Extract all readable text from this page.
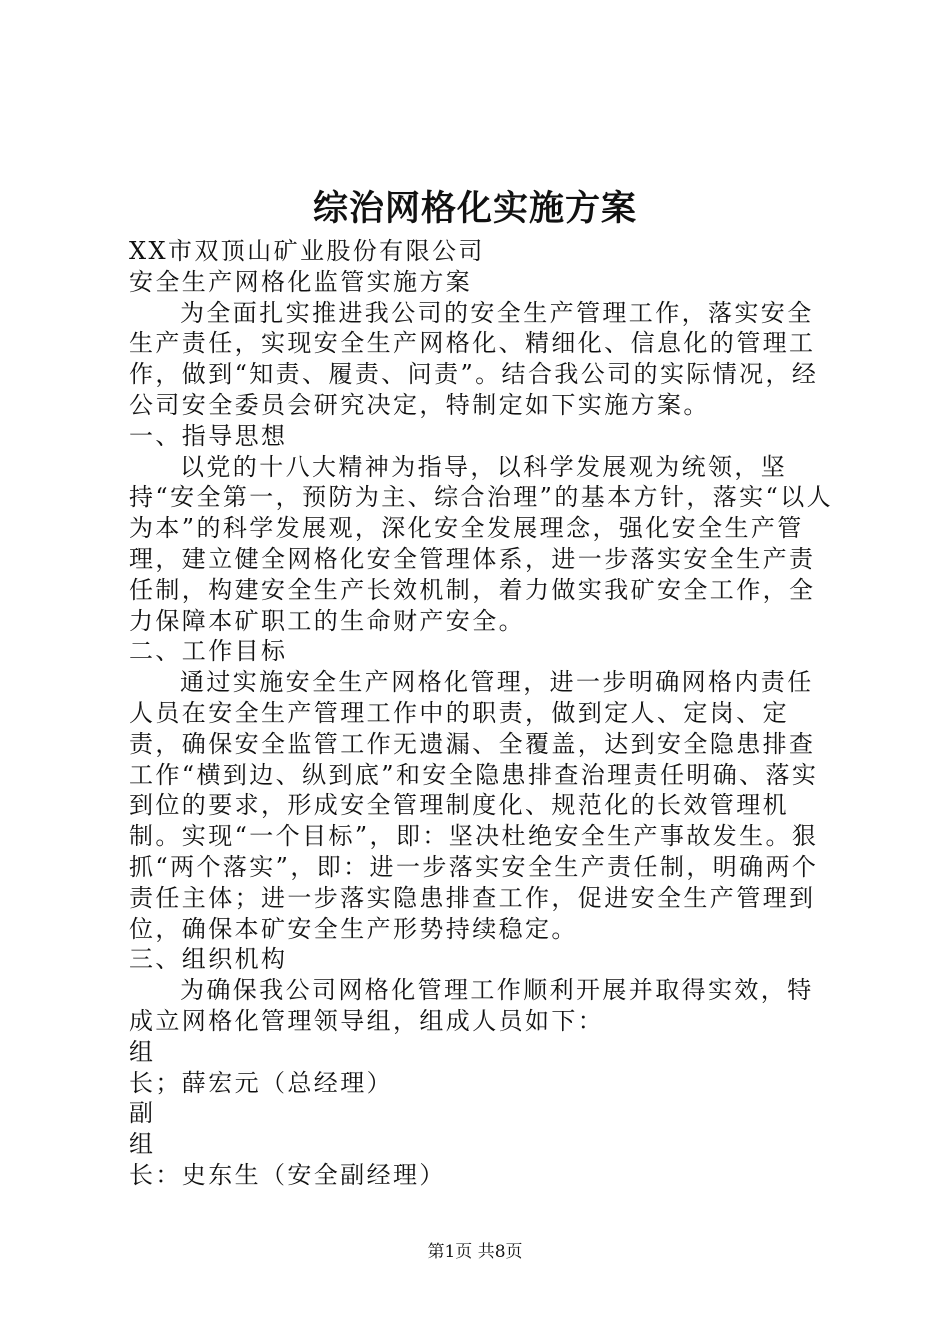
综治网格化实施方案

XX市双顶山矿业股份有限公司

安全生产网格化监管实施方案

为全面扎实推进我公司的安全生产管理工作，落实安全生产责任，实现安全生产网格化、精细化、信息化的管理工作，做到“知责、履责、问责”。结合我公司的实际情况，经公司安全委员会研究决定，特制定如下实施方案。

一、指导思想

以党的十八大精神为指导，以科学发展观为统领，坚持“安全第一，预防为主、综合治理”的基本方针，落实“以人为本”的科学发展观，深化安全发展理念，强化安全生产管理，建立健全网格化安全管理体系，进一步落实安全生产责任制，构建安全生产长效机制，着力做实我矿安全工作，全力保障本矿职工的生命财产安全。

二、工作目标

通过实施安全生产网格化管理，进一步明确网格内责任人员在安全生产管理工作中的职责，做到定人、定岗、定责，确保安全监管工作无遗漏、全覆盖，达到安全隐患排查工作“横到边、纵到底”和安全隐患排查治理责任明确、落实到位的要求，形成安全管理制度化、规范化的长效管理机制。实现“一个目标”，即：坚决杜绝安全生产事故发生。狠抓“两个落实”，即：进一步落实安全生产责任制，明确两个责任主体；进一步落实隐患排查工作，促进安全生产管理到位，确保本矿安全生产形势持续稳定。

三、组织机构

为确保我公司网格化管理工作顺利开展并取得实效，特成立网格化管理领导组，组成人员如下：

组

长；薛宏元（总经理）

副

组

长：史东生（安全副经理）

第1页 共8页
